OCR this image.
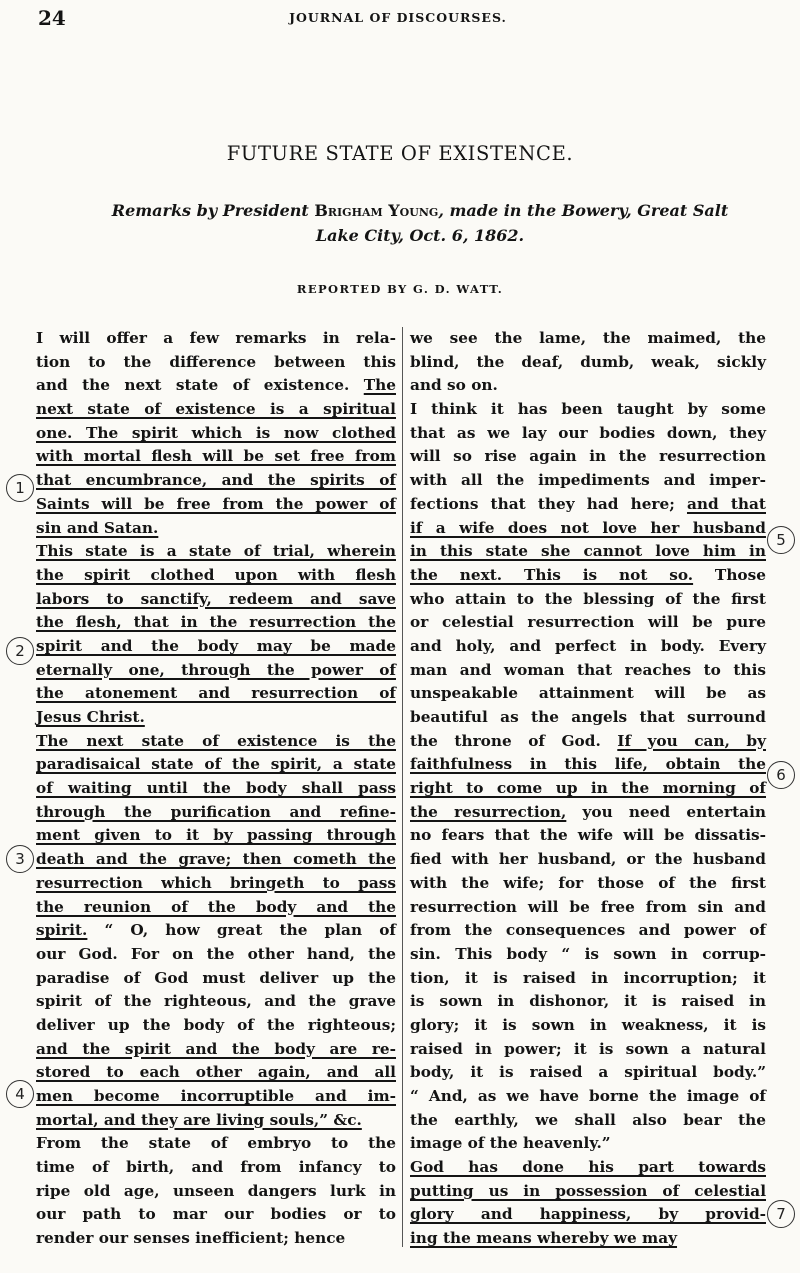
24	JOURNAL OF DISCOURSES.
FUTURE STATE OF EXISTENCE.
Remarks by President Brigham Young, made in the Bowery, Great Salt
Lake City, Oct. 6, 1862.
REPORTED BY G. D. WATT.
I will offer a few remarks in rela-
tion to the difference between this
and the next state of existence. The
next state of existence is a spiritual
one. The spirit which is now clothed
with mortal flesh will be set free from
that encumbrance, and the spirits of
Saints will be free from the power of
sin and Satan.
This state is a state of trial, wherein
the spirit clothed upon with flesh
labors to sanctify, redeem and save
the flesh, that in the resurrection the
spirit and the body may be made
eternally one, through the power of
the atonement and resurrection of
Jesus Christ.
The next state of existence is the
paradisaical state of the spirit, a state
of waiting until the body shall pass
through the purification and refine-
ment given to it by passing through
death and the grave; then cometh the
resurrection which bringeth to pass
the reunion of the body and the
spirit. “ O, how great the plan of
our God. For on the other hand, the
paradise of God must deliver up the
spirit of the righteous, and the grave
deliver up the body of the righteous;
and the spirit and the body are re-
stored to each other again, and all
men become incorruptible and im-
mortal, and they are living souls,” &c.
From the state of embryo to the
time of birth, and from infancy to
ripe old age, unseen dangers lurk in
our path to mar our bodies or to
render our senses inefficient; hence
we see the lame, the maimed, the
blind, the deaf, dumb, weak, sickly
and so on.
I think it has been taught by some
that as we lay our bodies down, they
will so rise again in the resurrection
with all the impediments and imper-
fections that they had here; and that
if a wife does not love her husband
in this state she cannot love him in
the next. This is not so. Those
who attain to the blessing of the first
or celestial resurrection will be pure
and holy, and perfect in body. Every
man and woman that reaches to this
unspeakable attainment will be as
beautiful as the angels that surround
the throne of God. If you can, by
faithfulness in this life, obtain the
right to come up in the morning of
the resurrection, you need entertain
no fears that the wife will be dissatis-
fied with her husband, or the husband
with the wife; for those of the first
resurrection will be free from sin and
from the consequences and power of
sin. This body “ is sown in corrup-
tion, it is raised in incorruption; it
is sown in dishonor, it is raised in
glory; it is sown in weakness, it is
raised in power; it is sown a natural
body, it is raised a spiritual body.”
“ And, as we have borne the image of
the earthly, we shall also bear the
image of the heavenly.”
God has done his part towards
putting us in possession of celestial
glory and happiness, by provid-
ing the means whereby we may
1
2
3
4
5
6
7
